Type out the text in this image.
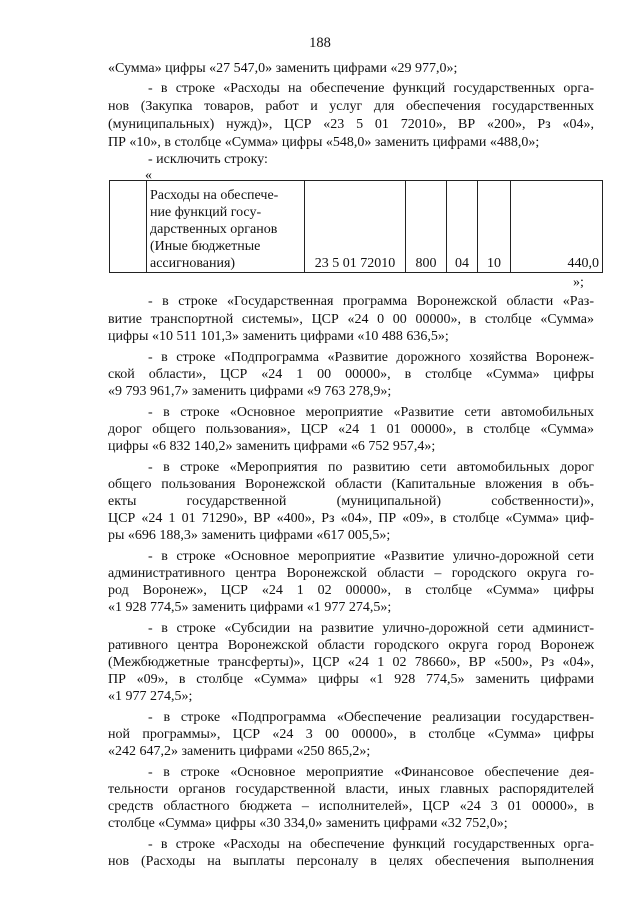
188
«Сумма» цифры «27 547,0» заменить цифрами «29 977,0»;
- в строке «Расходы на обеспечение функций государственных орга-
нов (Закупка товаров, работ и услуг для обеспечения государственных
(муниципальных) нужд)», ЦСР «23 5 01 72010», ВР «200», Рз «04»,
ПР «10», в столбце «Сумма» цифры «548,0» заменить цифрами «488,0»;
- исключить строку:
«

Расходы на обеспече-
ние функций госу-
дарственных органов
(Иные бюджетные
ассигнования)	23 5 01 72010	800	04	10	440,0
»;
- в строке «Государственная программа Воронежской области «Раз-
витие транспортной системы», ЦСР «24 0 00 00000», в столбце «Сумма»
цифры «10 511 101,3» заменить цифрами «10 488 636,5»;
- в строке «Подпрограмма «Развитие дорожного хозяйства Воронеж-
ской области», ЦСР «24 1 00 00000», в столбце «Сумма» цифры
«9 793 961,7» заменить цифрами «9 763 278,9»;
- в строке «Основное мероприятие «Развитие сети автомобильных
дорог общего пользования», ЦСР «24 1 01 00000», в столбце «Сумма»
цифры «6 832 140,2» заменить цифрами «6 752 957,4»;
- в строке «Мероприятия по развитию сети автомобильных дорог
общего пользования Воронежской области (Капитальные вложения в объ-
екты государственной (муниципальной) собственности)»,
ЦСР «24 1 01 71290», ВР «400», Рз «04», ПР «09», в столбце «Сумма» циф-
ры «696 188,3» заменить цифрами «617 005,5»;
- в строке «Основное мероприятие «Развитие улично-дорожной сети
административного центра Воронежской области – городского округа го-
род Воронеж», ЦСР «24 1 02 00000», в столбце «Сумма» цифры
«1 928 774,5» заменить цифрами «1 977 274,5»;
- в строке «Субсидии на развитие улично-дорожной сети админист-
ративного центра Воронежской области городского округа город Воронеж
(Межбюджетные трансферты)», ЦСР «24 1 02 78660», ВР «500», Рз «04»,
ПР «09», в столбце «Сумма» цифры «1 928 774,5» заменить цифрами
«1 977 274,5»;
- в строке «Подпрограмма «Обеспечение реализации государствен-
ной программы», ЦСР «24 3 00 00000», в столбце «Сумма» цифры
«242 647,2» заменить цифрами «250 865,2»;
- в строке «Основное мероприятие «Финансовое обеспечение дея-
тельности органов государственной власти, иных главных распорядителей
средств областного бюджета – исполнителей», ЦСР «24 3 01 00000», в
столбце «Сумма» цифры «30 334,0» заменить цифрами «32 752,0»;
- в строке «Расходы на обеспечение функций государственных орга-
нов (Расходы на выплаты персоналу в целях обеспечения выполнения
